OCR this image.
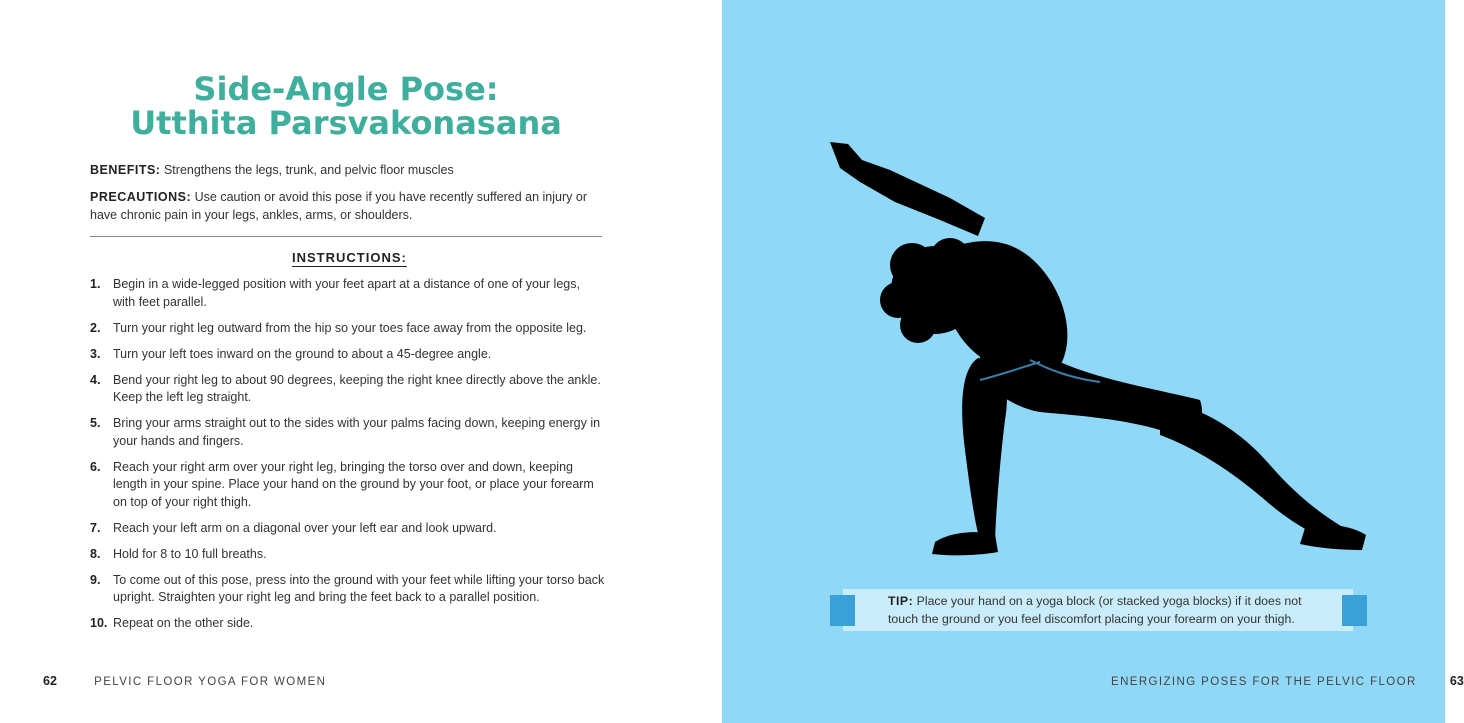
Side-Angle Pose:
Utthita Parsvakonasana
BENEFITS: Strengthens the legs, trunk, and pelvic floor muscles
PRECAUTIONS: Use caution or avoid this pose if you have recently suffered an injury or have chronic pain in your legs, ankles, arms, or shoulders.
INSTRUCTIONS:
1.	Begin in a wide-legged position with your feet apart at a distance of one of your legs, with feet parallel.
2.	Turn your right leg outward from the hip so your toes face away from the opposite leg.
3.	Turn your left toes inward on the ground to about a 45-degree angle.
4.	Bend your right leg to about 90 degrees, keeping the right knee directly above the ankle. Keep the left leg straight.
5.	Bring your arms straight out to the sides with your palms facing down, keeping energy in your hands and fingers.
6.	Reach your right arm over your right leg, bringing the torso over and down, keeping length in your spine. Place your hand on the ground by your foot, or place your forearm on top of your right thigh.
7.	Reach your left arm on a diagonal over your left ear and look upward.
8.	Hold for 8 to 10 full breaths.
9.	To come out of this pose, press into the ground with your feet while lifting your torso back upright. Straighten your right leg and bring the feet back to a parallel position.
10. Repeat on the other side.
62	PELVIC FLOOR YOGA FOR WOMEN	ENERGIZING POSES FOR THE PELVIC FLOOR	63
TIP: Place your hand on a yoga block (or stacked yoga blocks) if it does not touch the ground or you feel discomfort placing your forearm on your thigh.
